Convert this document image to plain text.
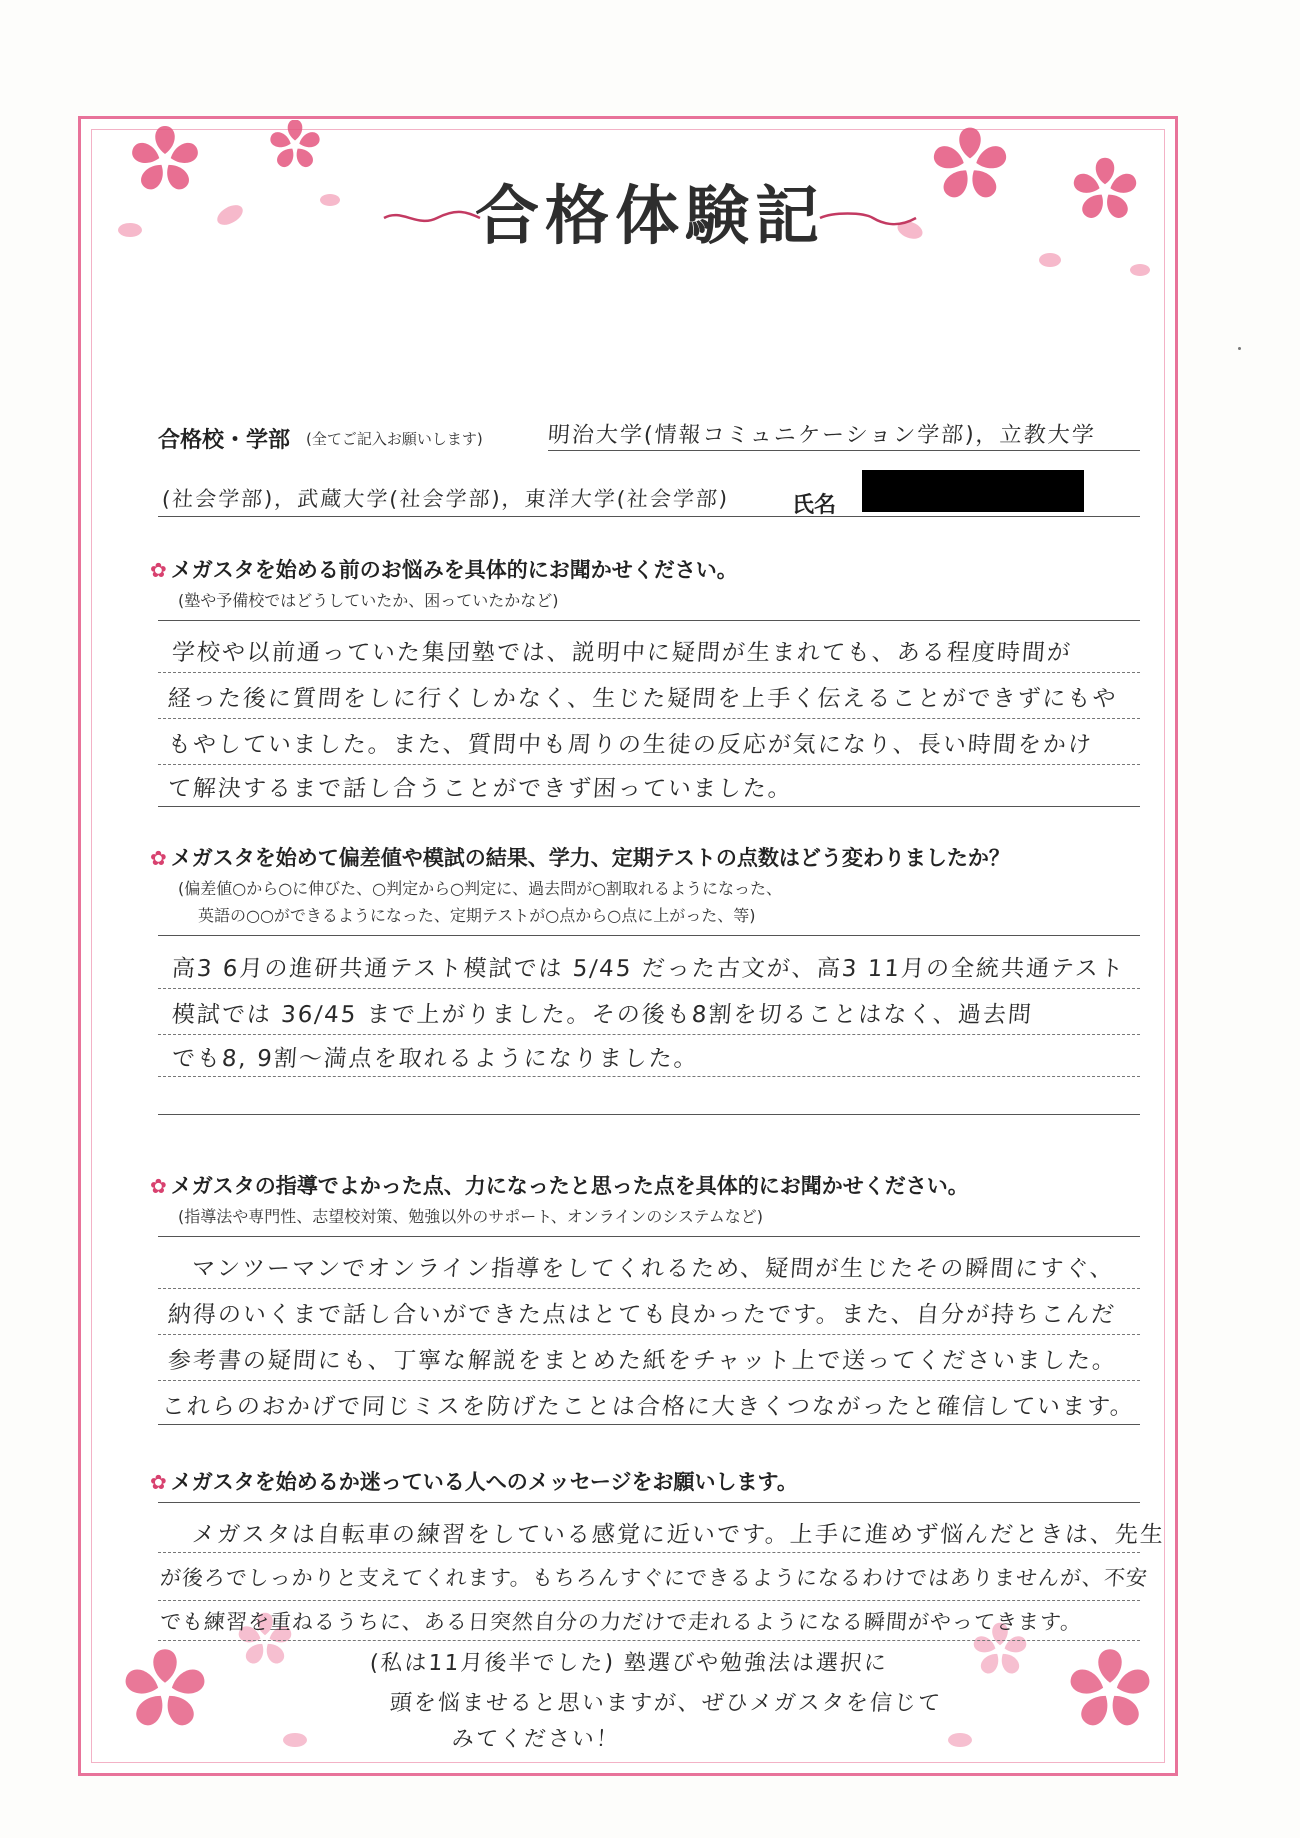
合格体験記
合格校・学部 (全てご記入お願いします)	明治大学(情報コミュニケーション学部)，立教大学
(社会学部)，武蔵大学(社会学部)，東洋大学(社会学部)	氏名
✿ メガスタを始める前のお悩みを具体的にお聞かせください。
(塾や予備校ではどうしていたか、困っていたかなど)
学校や以前通っていた集団塾では、説明中に疑問が生まれても、ある程度時間が
経った後に質問をしに行くしかなく、生じた疑問を上手く伝えることができずにもや
もやしていました。また、質問中も周りの生徒の反応が気になり、長い時間をかけ
て解決するまで話し合うことができず困っていました。
✿ メガスタを始めて偏差値や模試の結果、学力、定期テストの点数はどう変わりましたか？
(偏差値○から○に伸びた、○判定から○判定に、過去問が○割取れるようになった、
英語の○○ができるようになった、定期テストが○点から○点に上がった、等)
高3 6月の進研共通テスト模試では 5/45 だった古文が、高3 11月の全統共通テスト
模試では 36/45 まで上がりました。その後も8割を切ることはなく、過去問
でも8, 9割〜満点を取れるようになりました。
✿ メガスタの指導でよかった点、力になったと思った点を具体的にお聞かせください。
(指導法や専門性、志望校対策、勉強以外のサポート、オンラインのシステムなど)
マンツーマンでオンライン指導をしてくれるため、疑問が生じたその瞬間にすぐ、
納得のいくまで話し合いができた点はとても良かったです。また、自分が持ちこんだ
参考書の疑問にも、丁寧な解説をまとめた紙をチャット上で送ってくださいました。
これらのおかげで同じミスを防げたことは合格に大きくつながったと確信しています。
✿ メガスタを始めるか迷っている人へのメッセージをお願いします。
メガスタは自転車の練習をしている感覚に近いです。上手に進めず悩んだときは、先生
が後ろでしっかりと支えてくれます。もちろんすぐにできるようになるわけではありませんが、不安
でも練習を重ねるうちに、ある日突然自分の力だけで走れるようになる瞬間がやってきます。
(私は11月後半でした) 塾選びや勉強法は選択に
頭を悩ませると思いますが、ぜひメガスタを信じて
みてください！
